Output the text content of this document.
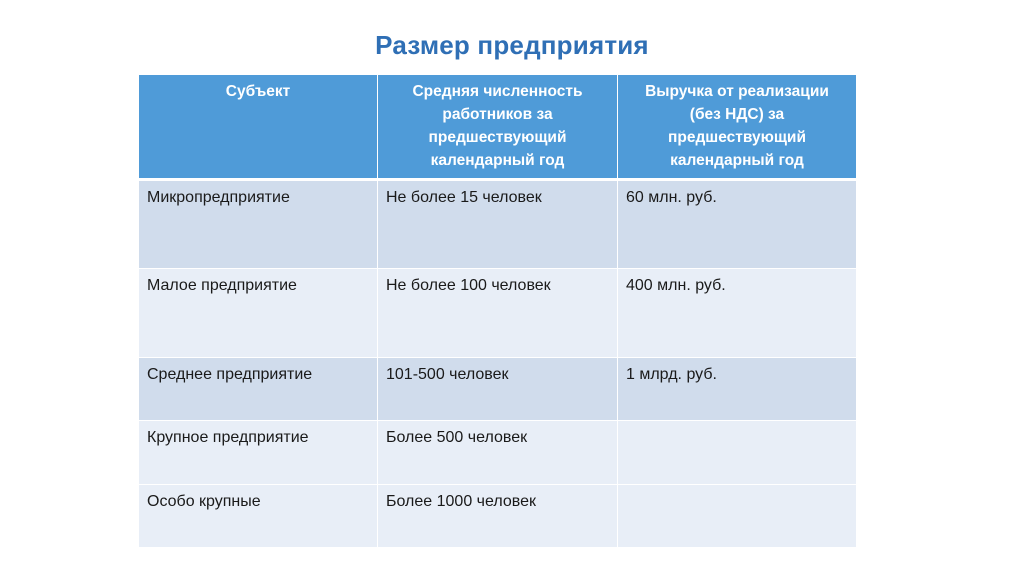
Размер предприятия
Субъект	Средняя численность работников за предшествующий календарный год	Выручка от реализации (без НДС) за предшествующий календарный год
Микропредприятие	Не более 15 человек	60 млн. руб.
Малое предприятие	Не более 100 человек	400 млн. руб.
Среднее предприятие	101-500 человек	1 млрд. руб.
Крупное предприятие	Более 500 человек	
Особо крупные	Более 1000 человек	
